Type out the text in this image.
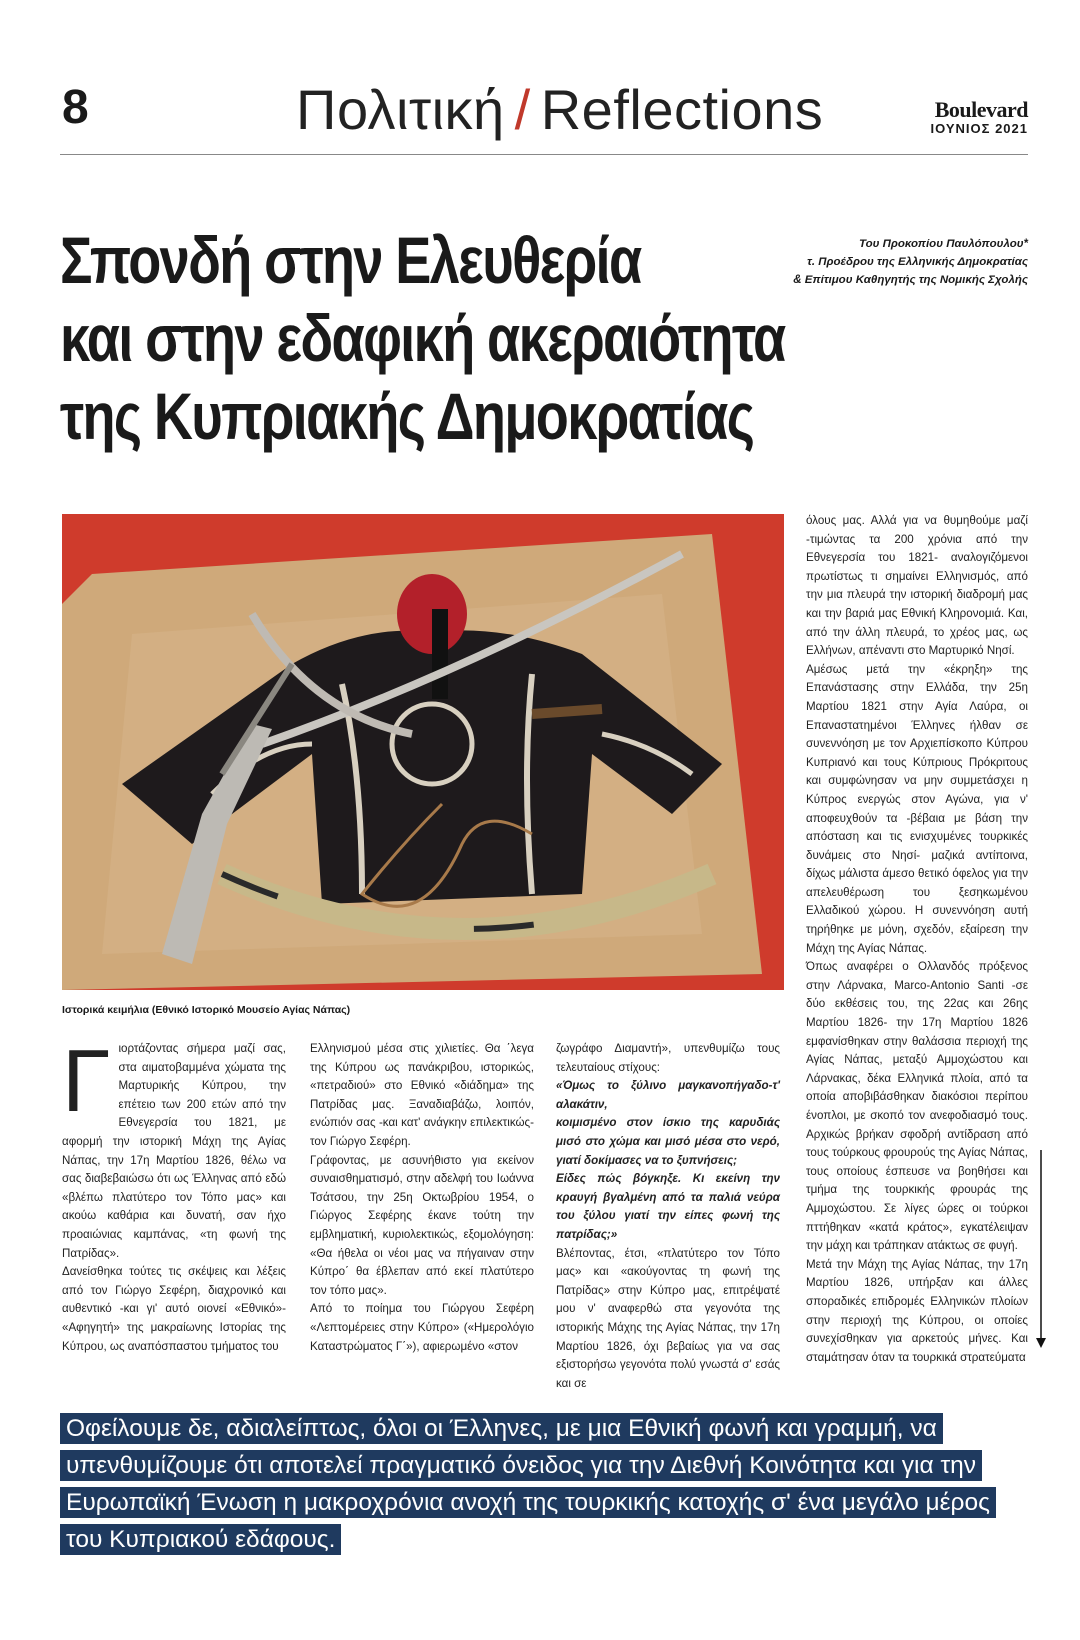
8	Πολιτική / Reflections	Boulevard
ΙΟΥΝΙΟΣ 2021
Σπονδή στην Ελευθερία
και στην εδαφική ακεραιότητα
της Κυπριακής Δημοκρατίας
Του Προκοπίου Παυλόπουλου*
τ. Προέδρου της Ελληνικής Δημοκρατίας
& Επίτιμου Καθηγητής της Νομικής Σχολής
Ιστορικά κειμήλια (Εθνικό Ιστορικό Μουσείο Αγίας Νάπας)
Γ ιορτάζοντας σήμερα μαζί σας, στα αιματοβαμμένα χώματα της Μαρτυρικής Κύπρου, την επέτειο των 200 ετών από την Εθνεγερσία του 1821, με αφορμή την ιστορική Μάχη της Αγίας Νάπας, την 17η Μαρτίου 1826, θέλω να σας διαβεβαιώσω ότι ως Έλληνας από εδώ «βλέπω πλατύτερο τον Τόπο μας» και ακούω καθάρια και δυνατή, σαν ήχο προαιώνιας καμπάνας, «τη φωνή της Πατρίδας».

Δανείσθηκα τούτες τις σκέψεις και λέξεις από τον Γιώργο Σεφέρη, διαχρονικό και αυθεντικό -και γι' αυτό οιονεί «Εθνικό»- «Αφηγητή» της μακραίωνης Ιστορίας της Κύπρου, ως αναπόσπαστου τμήματος του

Ελληνισμού μέσα στις χιλιετίες. Θα ΄λεγα της Κύπρου ως πανάκριβου, ιστορικώς, «πετραδιού» στο Εθνικό «διάδημα» της Πατρίδας μας. Ξαναδιαβάζω, λοιπόν, ενώπιόν σας -και κατ' ανάγκην επιλεκτικώς- τον Γιώργο Σεφέρη.

Γράφοντας, με ασυνήθιστο για εκείνον συναισθηματισμό, στην αδελφή του Ιωάννα Τσάτσου, την 25η Οκτωβρίου 1954, ο Γιώργος Σεφέρης έκανε τούτη την εμβληματική, κυριολεκτικώς, εξομολόγηση: «Θα ήθελα οι νέοι μας να πήγαιναν στην Κύπρο΄ θα έβλεπαν από εκεί πλατύτερο τον τόπο μας».

Από το ποίημα του Γιώργου Σεφέρη «Λεπτομέρειες στην Κύπρο» («Ημερολόγιο Καταστρώματος Γ΄»), αφιερωμένο «στον

ζωγράφο Διαμαντή», υπενθυμίζω τους τελευταίους στίχους:

«Όμως το ξύλινο μαγκανοπήγαδο-τ' αλακάτιν,

κοιμισμένο στον ίσκιο της καρυδιάς μισό στο χώμα και μισό μέσα στο νερό, γιατί δοκίμασες να το ξυπνήσεις;

Είδες πώς βόγκηξε. Κι εκείνη την κραυγή βγαλμένη από τα παλιά νεύρα του ξύλου γιατί την είπες φωνή της πατρίδας;»

Βλέποντας, έτσι, «πλατύτερο τον Τόπο μας» και «ακούγοντας τη φωνή της Πατρίδας» στην Κύπρο μας, επιτρέψατέ μου ν' αναφερθώ στα γεγονότα της ιστορικής Μάχης της Αγίας Νάπας, την 17η Μαρτίου 1826, όχι βεβαίως για να σας εξιστορήσω γεγονότα πολύ γνωστά σ' εσάς και σε

όλους μας. Αλλά για να θυμηθούμε μαζί -τιμώντας τα 200 χρόνια από την Εθνεγερσία του 1821- αναλογιζόμενοι πρωτίστως τι σημαίνει Ελληνισμός, από την μια πλευρά την ιστορική διαδρομή μας και την βαριά μας Εθνική Κληρονομιά. Και, από την άλλη πλευρά, το χρέος μας, ως Ελλήνων, απέναντι στο Μαρτυρικό Νησί.

Αμέσως μετά την «έκρηξη» της Επανάστασης στην Ελλάδα, την 25η Μαρτίου 1821 στην Αγία Λαύρα, οι Επαναστατημένοι Έλληνες ήλθαν σε συνεννόηση με τον Αρχιεπίσκοπο Κύπρου Κυπριανό και τους Κύπριους Πρόκριτους και συμφώνησαν να μην συμμετάσχει η Κύπρος ενεργώς στον Αγώνα, για ν' αποφευχθούν τα -βέβαια με βάση την απόσταση και τις ενισχυμένες τουρκικές δυνάμεις στο Νησί- μαζικά αντίποινα, δίχως μάλιστα άμεσο θετικό όφελος για την απελευθέρωση του ξεσηκωμένου Ελλαδικού χώρου. Η συνεννόηση αυτή τηρήθηκε με μόνη, σχεδόν, εξαίρεση την Μάχη της Αγίας Νάπας.

Όπως αναφέρει ο Ολλανδός πρόξενος στην Λάρνακα, Marco-Antonio Santi -σε δύο εκθέσεις του, της 22ας και 26ης Μαρτίου 1826- την 17η Μαρτίου 1826 εμφανίσθηκαν στην θαλάσσια περιοχή της Αγίας Νάπας, μεταξύ Αμμοχώστου και Λάρνακας, δέκα Ελληνικά πλοία, από τα οποία αποβιβάσθηκαν διακόσιοι περίπου ένοπλοι, με σκοπό τον ανεφοδιασμό τους. Αρχικώς βρήκαν σφοδρή αντίδραση από τους τούρκους φρουρούς της Αγίας Νάπας, τους οποίους έσπευσε να βοηθήσει και τμήμα της τουρκικής φρουράς της Αμμοχώστου. Σε λίγες ώρες οι τούρκοι πττήθηκαν «κατά κράτος», εγκατέλειψαν την μάχη και τράπηκαν ατάκτως σε φυγή.

Μετά την Μάχη της Αγίας Νάπας, την 17η Μαρτίου 1826, υπήρξαν και άλλες σποραδικές επιδρομές Ελληνικών πλοίων στην περιοχή της Κύπρου, οι οποίες συνεχίσθηκαν για αρκετούς μήνες. Και σταμάτησαν όταν τα τουρκικά στρατεύματα

Οφείλουμε δε, αδιαλείπτως, όλοι οι Έλληνες, με μια Εθνική φωνή και γραμμή, να υπενθυμίζουμε ότι αποτελεί πραγματικό όνειδος για την Διεθνή Κοινότητα και για την Ευρωπαϊκή Ένωση η μακροχρόνια ανοχή της τουρκικής κατοχής σ' ένα μεγάλο μέρος του Κυπριακού εδάφους.
